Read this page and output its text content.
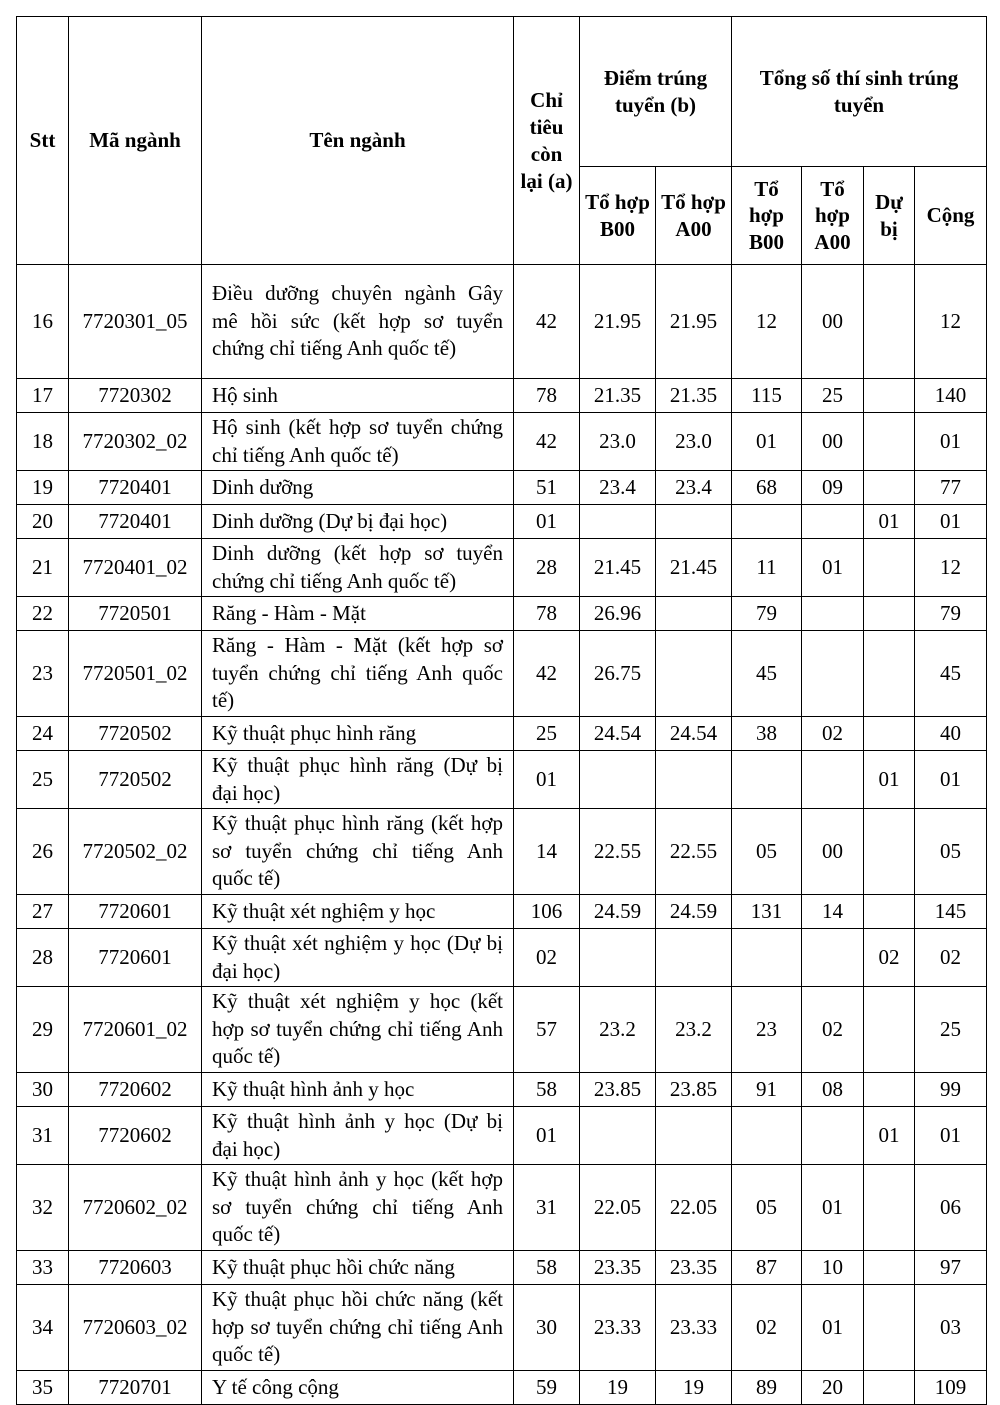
Stt	Mã ngành	Tên ngành	Chỉ tiêu còn lại (a)	Điểm trúng tuyển (b)		Tổng số thí sinh trúng tuyển			
				Tổ hợp B00	Tổ hợp A00	Tổ hợp B00	Tổ hợp A00	Dự bị	Cộng
16	7720301_05	Điều dưỡng chuyên ngành Gây mê hồi sức (kết hợp sơ tuyển chứng chỉ tiếng Anh quốc tế)	42	21.95	21.95	12	00		12
17	7720302	Hộ sinh	78	21.35	21.35	115	25		140
18	7720302_02	Hộ sinh (kết hợp sơ tuyển chứng chỉ tiếng Anh quốc tế)	42	23.0	23.0	01	00		01
19	7720401	Dinh dưỡng	51	23.4	23.4	68	09		77
20	7720401	Dinh dưỡng (Dự bị đại học)	01					01	01
21	7720401_02	Dinh dưỡng (kết hợp sơ tuyển chứng chỉ tiếng Anh quốc tế)	28	21.45	21.45	11	01		12
22	7720501	Răng - Hàm - Mặt	78	26.96		79			79
23	7720501_02	Răng - Hàm - Mặt (kết hợp sơ tuyển chứng chỉ tiếng Anh quốc tế)	42	26.75		45			45
24	7720502	Kỹ thuật phục hình răng	25	24.54	24.54	38	02		40
25	7720502	Kỹ thuật phục hình răng (Dự bị đại học)	01					01	01
26	7720502_02	Kỹ thuật phục hình răng (kết hợp sơ tuyển chứng chỉ tiếng Anh quốc tế)	14	22.55	22.55	05	00		05
27	7720601	Kỹ thuật xét nghiệm y học	106	24.59	24.59	131	14		145
28	7720601	Kỹ thuật xét nghiệm y học (Dự bị đại học)	02					02	02
29	7720601_02	Kỹ thuật xét nghiệm y học (kết hợp sơ tuyển chứng chỉ tiếng Anh quốc tế)	57	23.2	23.2	23	02		25
30	7720602	Kỹ thuật hình ảnh y học	58	23.85	23.85	91	08		99
31	7720602	Kỹ thuật hình ảnh y học (Dự bị đại học)	01					01	01
32	7720602_02	Kỹ thuật hình ảnh y học (kết hợp sơ tuyển chứng chỉ tiếng Anh quốc tế)	31	22.05	22.05	05	01		06
33	7720603	Kỹ thuật phục hồi chức năng	58	23.35	23.35	87	10		97
34	7720603_02	Kỹ thuật phục hồi chức năng (kết hợp sơ tuyển chứng chỉ tiếng Anh quốc tế)	30	23.33	23.33	02	01		03
35	7720701	Y tế công cộng	59	19	19	89	20		109
